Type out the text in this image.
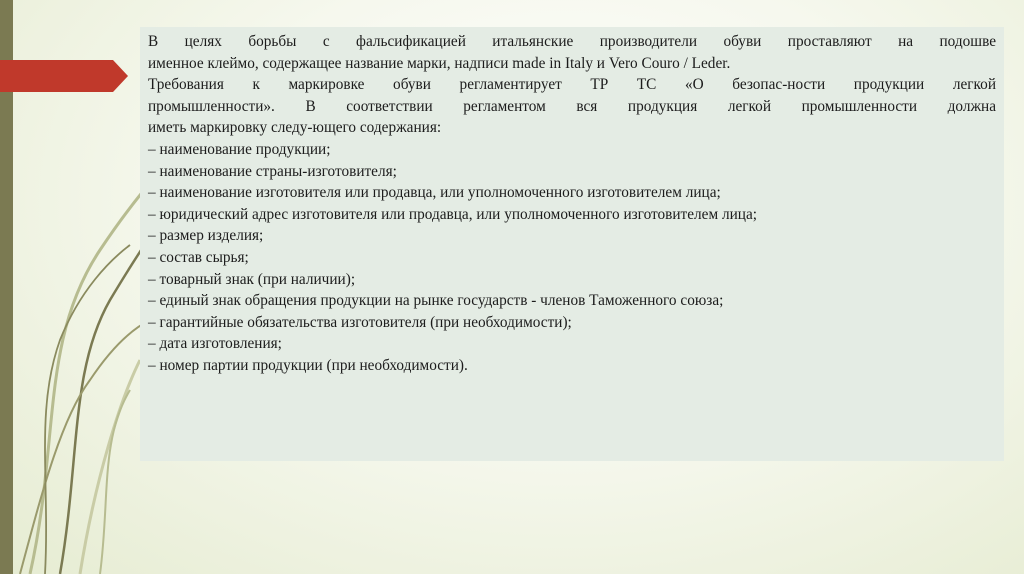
В целях борьбы с фальсификацией итальянские производители обуви проставляют на подошве
именное клеймо, содержащее название марки, надписи made in Italy и Vero Couro / Leder.

Требования к маркировке обуви регламентирует ТР ТС «О безопас-ности продукции легкой
промышленности». В соответствии регламентом вся продукция легкой промышленности должна
иметь маркировку следу-ющего содержания:

– наименование продукции;
– наименование страны-изготовителя;
– наименование изготовителя или продавца, или уполномоченного изготовителем лица;
– юридический адрес изготовителя или продавца, или уполномоченного изготовителем лица;
– размер изделия;
– состав сырья;
– товарный знак (при наличии);
– единый знак обращения продукции на рынке государств - членов Таможенного союза;
– гарантийные обязательства изготовителя (при необходимости);
– дата изготовления;
– номер партии продукции (при необходимости).
